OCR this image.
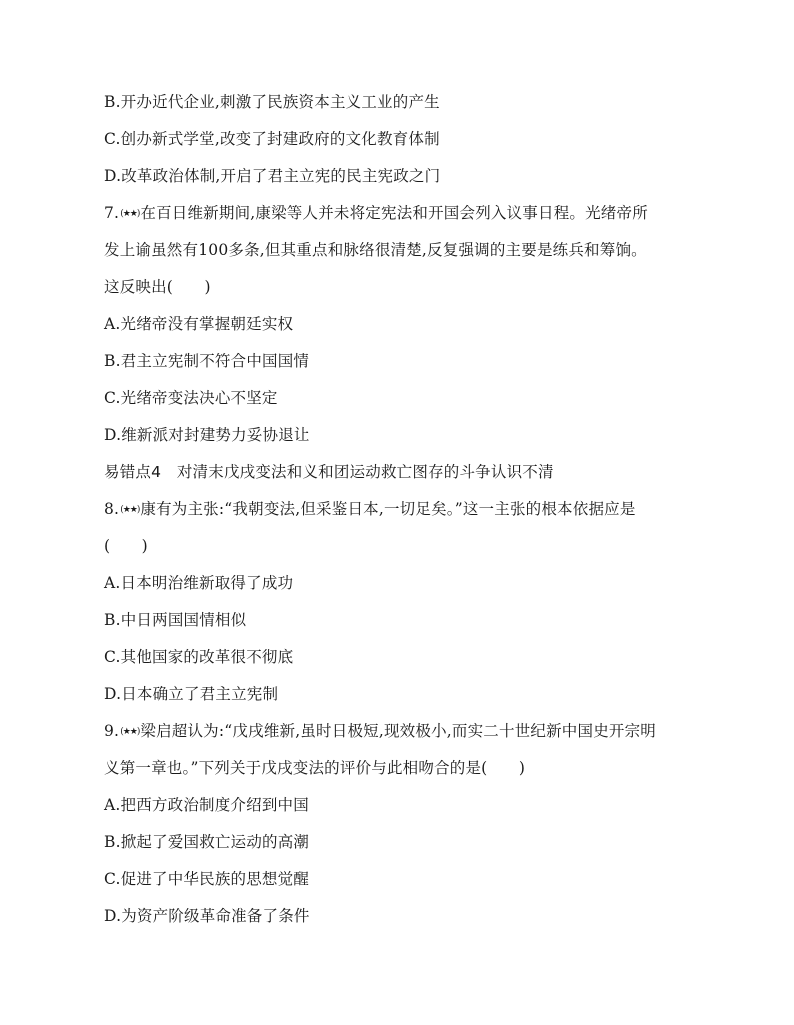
B.开办近代企业,刺激了民族资本主义工业的产生
C.创办新式学堂,改变了封建政府的文化教育体制
D.改革政治体制,开启了君主立宪的民主宪政之门
7.(★★)在百日维新期间,康梁等人并未将定宪法和开国会列入议事日程。光绪帝所
发上谕虽然有100多条,但其重点和脉络很清楚,反复强调的主要是练兵和筹饷。
这反映出(　　)
A.光绪帝没有掌握朝廷实权
B.君主立宪制不符合中国国情
C.光绪帝变法决心不坚定
D.维新派对封建势力妥协退让
易错点4　对清末戊戌变法和义和团运动救亡图存的斗争认识不清
8.(★★)康有为主张:“我朝变法,但采鉴日本,一切足矣。”这一主张的根本依据应是
(　　)
A.日本明治维新取得了成功
B.中日两国国情相似
C.其他国家的改革很不彻底
D.日本确立了君主立宪制
9.(★★)梁启超认为:“戊戌维新,虽时日极短,现效极小,而实二十世纪新中国史开宗明
义第一章也。”下列关于戊戌变法的评价与此相吻合的是(　　)
A.把西方政治制度介绍到中国
B.掀起了爱国救亡运动的高潮
C.促进了中华民族的思想觉醒
D.为资产阶级革命准备了条件
